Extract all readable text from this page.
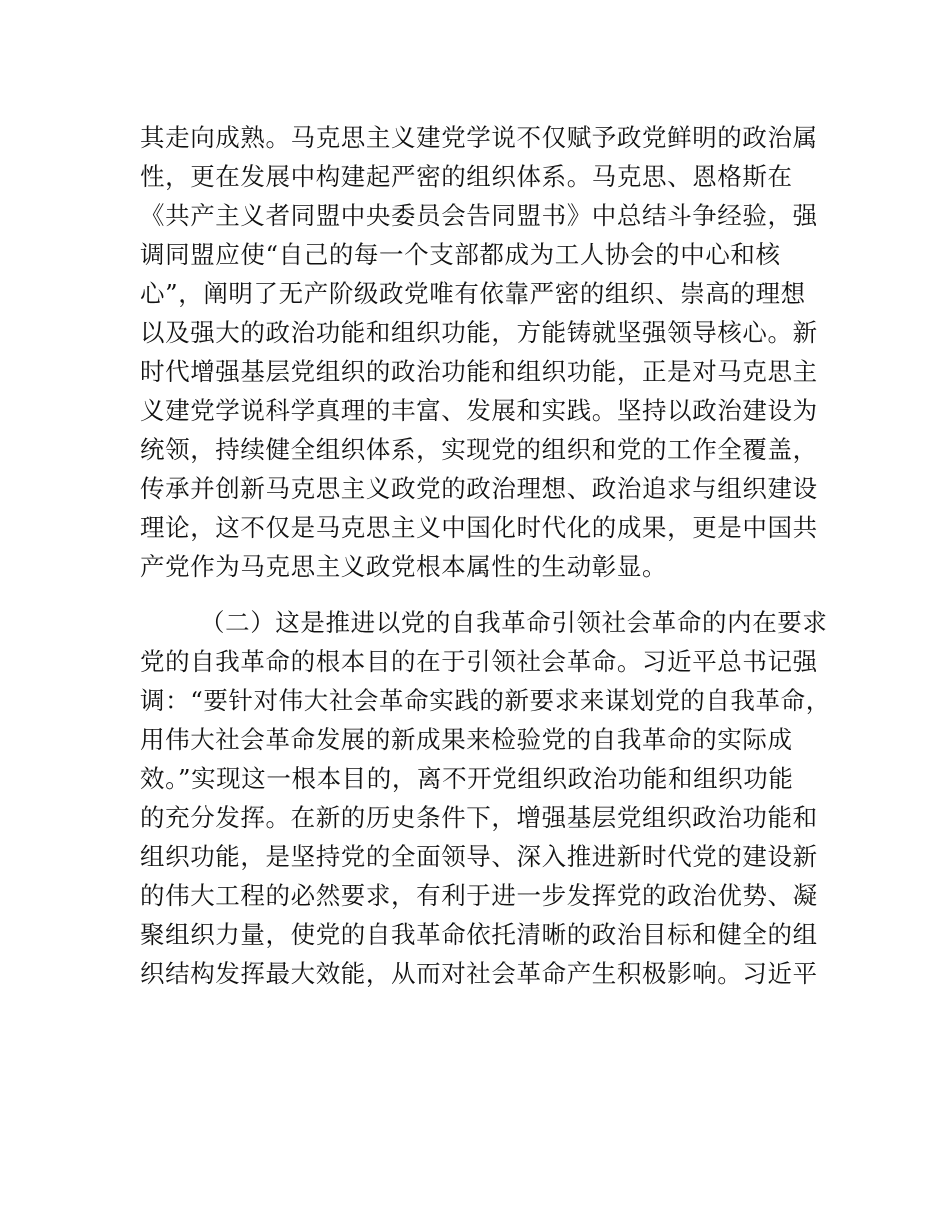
其走向成熟。马克思主义建党学说不仅赋予政党鲜明的政治属
性，更在发展中构建起严密的组织体系。马克思、恩格斯在
《共产主义者同盟中央委员会告同盟书》中总结斗争经验，强
调同盟应使“自己的每一个支部都成为工人协会的中心和核
心”，阐明了无产阶级政党唯有依靠严密的组织、崇高的理想
以及强大的政治功能和组织功能，方能铸就坚强领导核心。新
时代增强基层党组织的政治功能和组织功能，正是对马克思主
义建党学说科学真理的丰富、发展和实践。坚持以政治建设为
统领，持续健全组织体系，实现党的组织和党的工作全覆盖，
传承并创新马克思主义政党的政治理想、政治追求与组织建设
理论，这不仅是马克思主义中国化时代化的成果，更是中国共
产党作为马克思主义政党根本属性的生动彰显。
（二）这是推进以党的自我革命引领社会革命的内在要求
党的自我革命的根本目的在于引领社会革命。习近平总书记强
调：“要针对伟大社会革命实践的新要求来谋划党的自我革命，
用伟大社会革命发展的新成果来检验党的自我革命的实际成
效。”实现这一根本目的，离不开党组织政治功能和组织功能
的充分发挥。在新的历史条件下，增强基层党组织政治功能和
组织功能，是坚持党的全面领导、深入推进新时代党的建设新
的伟大工程的必然要求，有利于进一步发挥党的政治优势、凝
聚组织力量，使党的自我革命依托清晰的政治目标和健全的组
织结构发挥最大效能，从而对社会革命产生积极影响。习近平
